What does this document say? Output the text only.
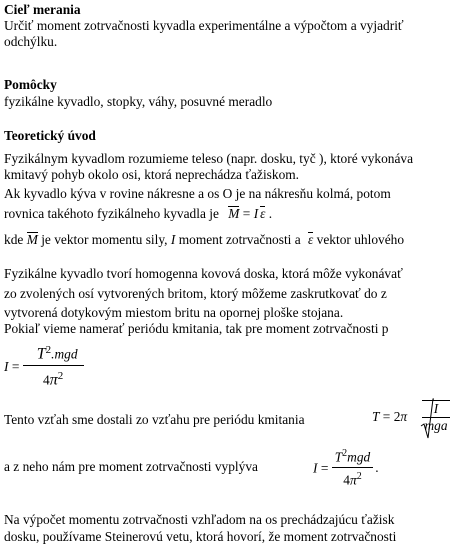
Cieľ merania
Určiť moment zotrvačnosti kyvadla experimentálne a výpočtom a vyjadriť
odchýlku.
Pomôcky
fyzikálne kyvadlo, stopky, váhy, posuvné meradlo
Teoretický úvod
Fyzikálnym kyvadlom rozumieme teleso (napr. dosku, tyč ), ktoré vykonáva
kmitavý pohyb okolo osi, ktorá neprechádza ťažiskom.
Ak kyvadlo kýva v rovine nákresne a os O je na nákresňu kolmá, potom
rovnica takéhoto fyzikálneho kyvadla je M = I ε .
kde M je vektor momentu sily, I moment zotrvačnosti a ε vektor uhlového
Fyzikálne kyvadlo tvorí homogenna kovová doska, ktorá môže vykonávať
zo zvolených osí vytvorených britom, ktorý môžeme zaskrutkovať do z
vytvorená dotykovým miestom britu na opornej ploške stojana.
Pokiaľ vieme namerať periódu kmitania, tak pre moment zotrvačnosti p
$I = \frac{T^2.mgd}{4\pi^2}$
Tento vzťah sme dostali zo vzťahu pre periódu kmitania	$T = 2\pi \frac{I}{\text{mga}}$
a z neho nám pre moment zotrvačnosti vyplýva	$I = \frac{T^2mgd}{4\pi^2}$ .
Na výpočet momentu zotrvačnosti vzhľadom na os prechádzajúcu ťažisk
dosku, používame Steinerovú vetu, ktorá hovorí, že moment zotrvačnosti
